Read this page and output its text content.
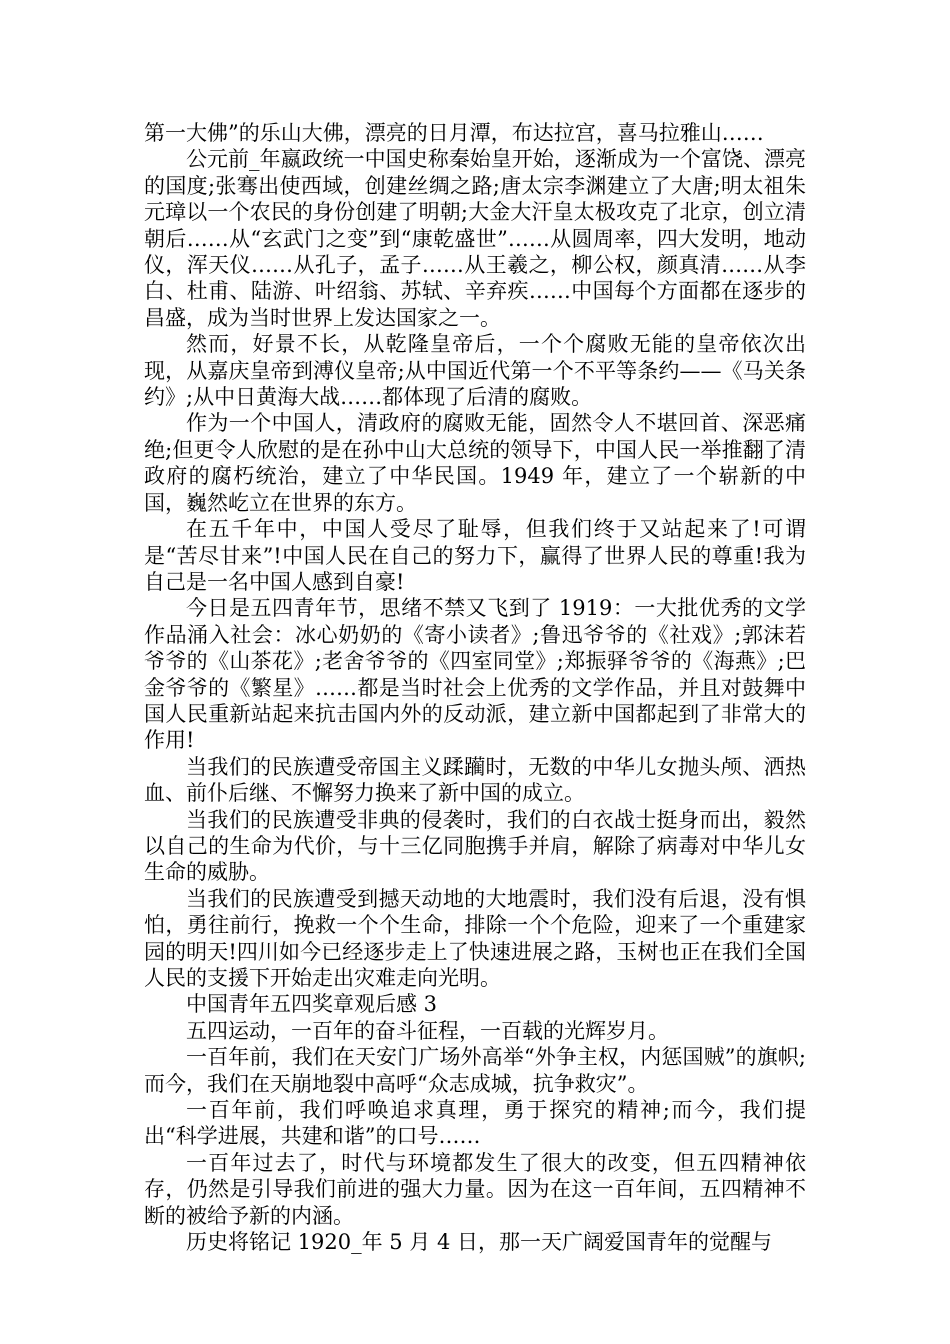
第一大佛”的乐山大佛，漂亮的日月潭，布达拉宫，喜马拉雅山……

公元前_年嬴政统一中国史称秦始皇开始，逐渐成为一个富饶、漂亮的国度;张骞出使西域，创建丝绸之路;唐太宗李渊建立了大唐;明太祖朱元璋以一个农民的身份创建了明朝;大金大汗皇太极攻克了北京，创立清朝后……从“玄武门之变”到“康乾盛世”……从圆周率，四大发明，地动仪，浑天仪……从孔子，孟子……从王羲之，柳公权，颜真清……从李白、杜甫、陆游、叶绍翁、苏轼、辛弃疾……中国每个方面都在逐步的昌盛，成为当时世界上发达国家之一。

然而，好景不长，从乾隆皇帝后，一个个腐败无能的皇帝依次出现，从嘉庆皇帝到溥仪皇帝;从中国近代第一个不平等条约——《马关条约》;从中日黄海大战……都体现了后清的腐败。

作为一个中国人，清政府的腐败无能，固然令人不堪回首、深恶痛绝;但更令人欣慰的是在孙中山大总统的领导下，中国人民一举推翻了清政府的腐朽统治，建立了中华民国。1949 年，建立了一个崭新的中国，巍然屹立在世界的东方。

在五千年中，中国人受尽了耻辱，但我们终于又站起来了!可谓是“苦尽甘来”!中国人民在自己的努力下，赢得了世界人民的尊重!我为自己是一名中国人感到自豪!

今日是五四青年节，思绪不禁又飞到了 1919：一大批优秀的文学作品涌入社会：冰心奶奶的《寄小读者》;鲁迅爷爷的《社戏》;郭沫若爷爷的《山茶花》;老舍爷爷的《四室同堂》;郑振驿爷爷的《海燕》;巴金爷爷的《繁星》……都是当时社会上优秀的文学作品，并且对鼓舞中国人民重新站起来抗击国内外的反动派，建立新中国都起到了非常大的作用!

当我们的民族遭受帝国主义蹂躏时，无数的中华儿女抛头颅、洒热血、前仆后继、不懈努力换来了新中国的成立。

当我们的民族遭受非典的侵袭时，我们的白衣战士挺身而出，毅然以自己的生命为代价，与十三亿同胞携手并肩，解除了病毒对中华儿女生命的威胁。

当我们的民族遭受到撼天动地的大地震时，我们没有后退，没有惧怕，勇往前行，挽救一个个生命，排除一个个危险，迎来了一个重建家园的明天!四川如今已经逐步走上了快速进展之路，玉树也正在我们全国人民的支援下开始走出灾难走向光明。

中国青年五四奖章观后感 3

五四运动，一百年的奋斗征程，一百载的光辉岁月。

一百年前，我们在天安门广场外高举“外争主权，内惩国贼”的旗帜;而今，我们在天崩地裂中高呼“众志成城，抗争救灾”。

一百年前，我们呼唤追求真理，勇于探究的精神;而今，我们提出“科学进展，共建和谐”的口号……

一百年过去了，时代与环境都发生了很大的改变，但五四精神依存，仍然是引导我们前进的强大力量。因为在这一百年间，五四精神不断的被给予新的内涵。

历史将铭记 1920_年 5 月 4 日，那一天广阔爱国青年的觉醒与
